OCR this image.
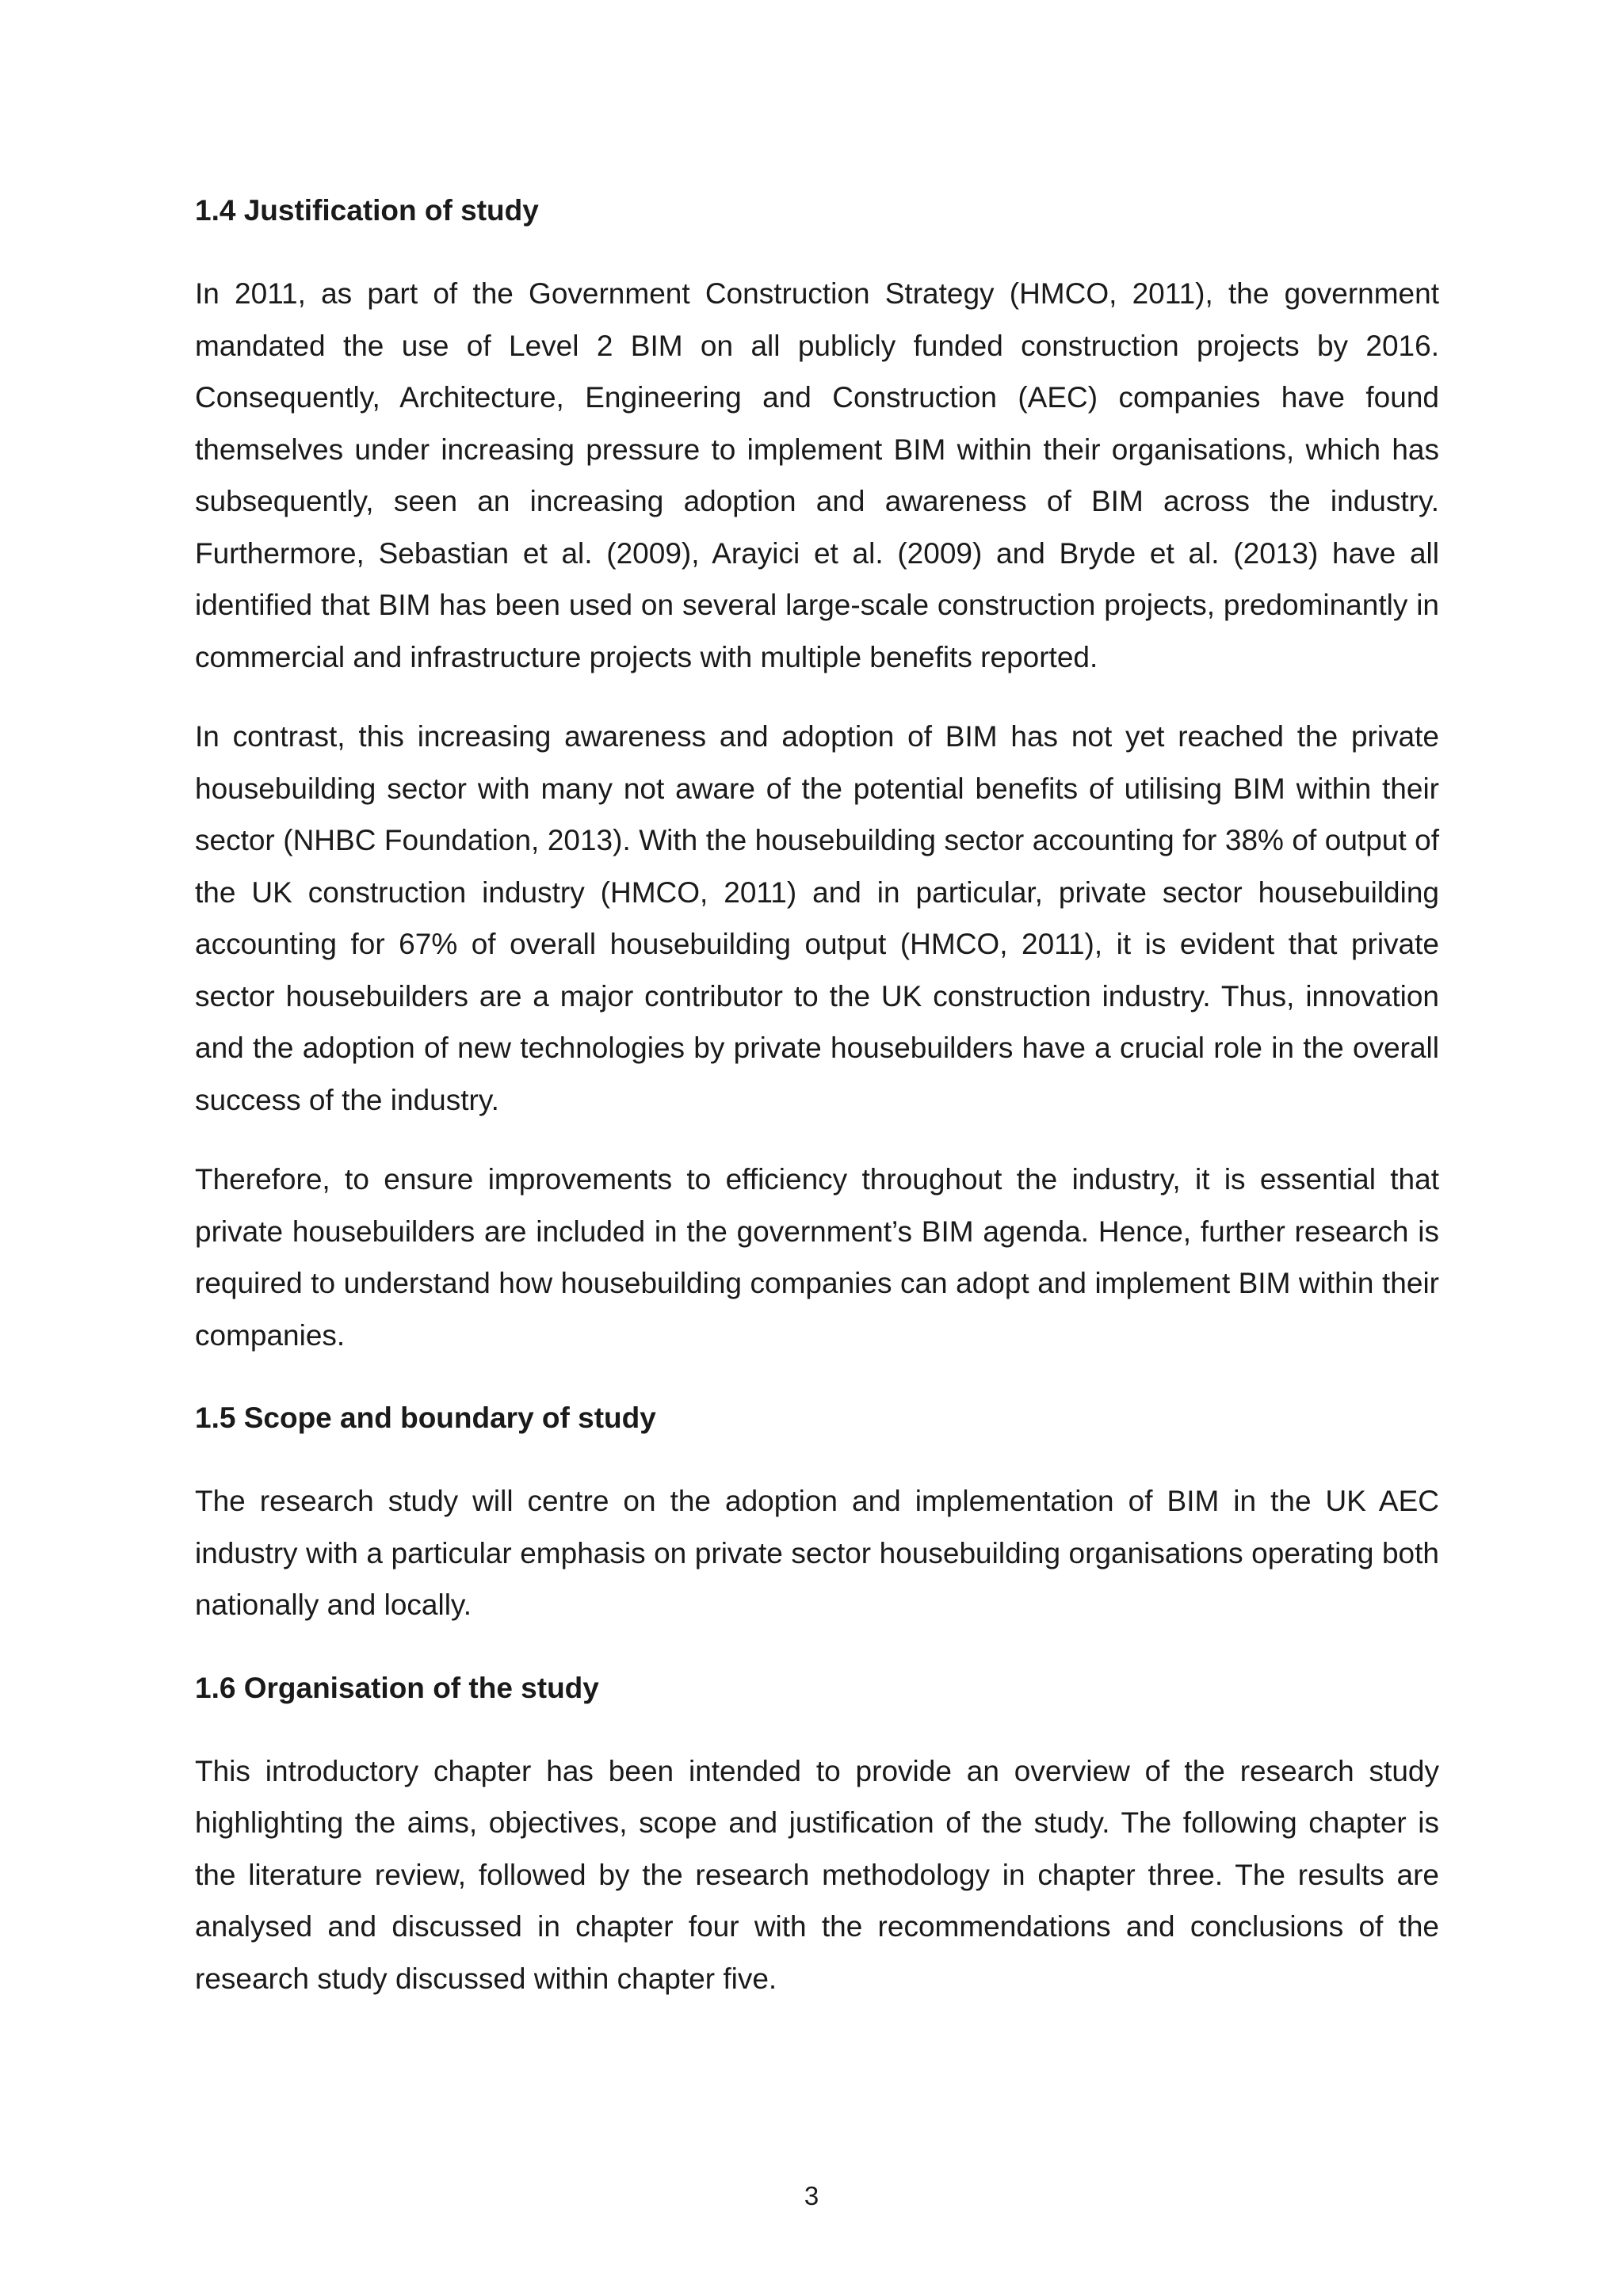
1.4 Justification of study

In 2011, as part of the Government Construction Strategy (HMCO, 2011), the government mandated the use of Level 2 BIM on all publicly funded construction projects by 2016. Consequently, Architecture, Engineering and Construction (AEC) companies have found themselves under increasing pressure to implement BIM within their organisations, which has subsequently, seen an increasing adoption and awareness of BIM across the industry. Furthermore, Sebastian et al. (2009), Arayici et al. (2009) and Bryde et al. (2013) have all identified that BIM has been used on several large-scale construction projects, predominantly in commercial and infrastructure projects with multiple benefits reported.

In contrast, this increasing awareness and adoption of BIM has not yet reached the private housebuilding sector with many not aware of the potential benefits of utilising BIM within their sector (NHBC Foundation, 2013). With the housebuilding sector accounting for 38% of output of the UK construction industry (HMCO, 2011) and in particular, private sector housebuilding accounting for 67% of overall housebuilding output (HMCO, 2011), it is evident that private sector housebuilders are a major contributor to the UK construction industry. Thus, innovation and the adoption of new technologies by private housebuilders have a crucial role in the overall success of the industry.

Therefore, to ensure improvements to efficiency throughout the industry, it is essential that private housebuilders are included in the government’s BIM agenda. Hence, further research is required to understand how housebuilding companies can adopt and implement BIM within their companies.

1.5 Scope and boundary of study

The research study will centre on the adoption and implementation of BIM in the UK AEC industry with a particular emphasis on private sector housebuilding organisations operating both nationally and locally.

1.6 Organisation of the study

This introductory chapter has been intended to provide an overview of the research study highlighting the aims, objectives, scope and justification of the study. The following chapter is the literature review, followed by the research methodology in chapter three. The results are analysed and discussed in chapter four with the recommendations and conclusions of the research study discussed within chapter five.

3
